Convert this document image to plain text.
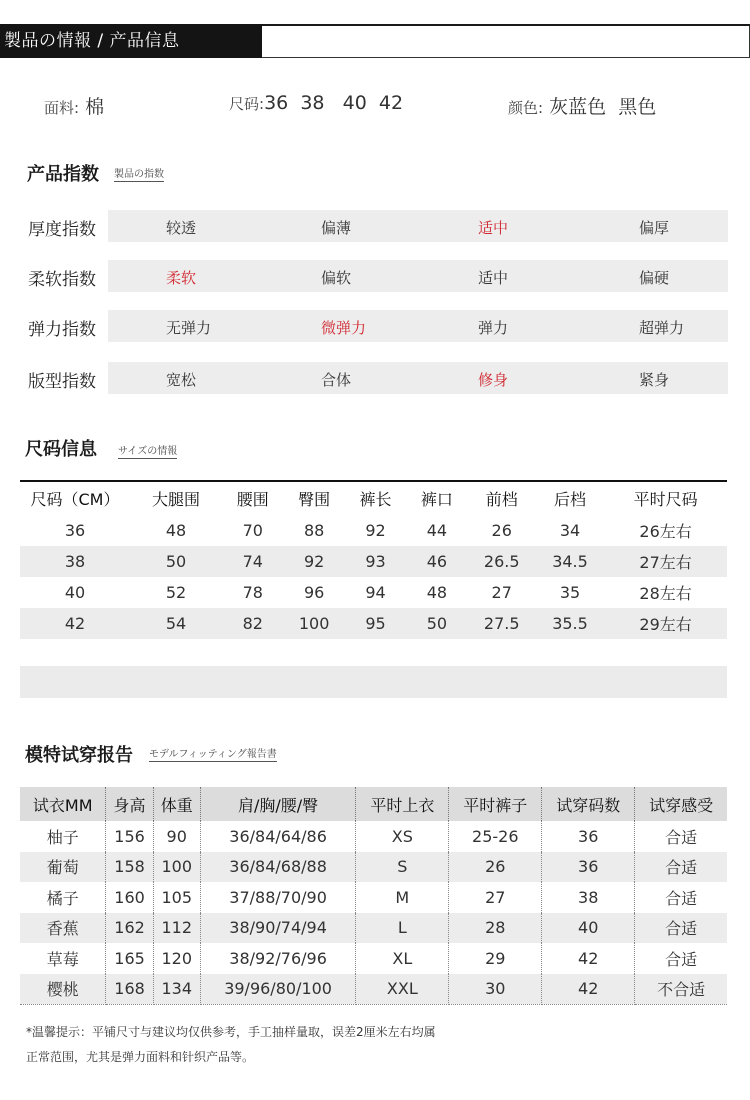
製品の情報 / 产品信息
面料: 棉	尺码:36  38   40  42	颜色: 灰蓝色  黑色
产品指数 製品の指数
厚度指数	较透	偏薄	适中	偏厚
柔软指数	柔软	偏软	适中	偏硬
弹力指数	无弹力	微弹力	弹力	超弹力
版型指数	宽松	合体	修身	紧身
尺码信息 サイズの情報
尺码（CM）	大腿围	腰围	臀围	裤长	裤口	前档	后档	平时尺码
36	48	70	88	92	44	26	34	26左右
38	50	74	92	93	46	26.5	34.5	27左右
40	52	78	96	94	48	27	35	28左右
42	54	82	100	95	50	27.5	35.5	29左右
模特试穿报告 モデルフィッティング報告書
试衣MM	身高	体重	肩/胸/腰/臀	平时上衣	平时裤子	试穿码数	试穿感受
柚子	156	90	36/84/64/86	XS	25-26	36	合适
葡萄	158	100	36/84/68/88	S	26	36	合适
橘子	160	105	37/88/70/90	M	27	38	合适
香蕉	162	112	38/90/74/94	L	28	40	合适
草莓	165	120	38/92/76/96	XL	29	42	合适
樱桃	168	134	39/96/80/100	XXL	30	42	不合适
*温馨提示：平铺尺寸与建议均仅供参考，手工抽样量取，误差2厘米左右均属
正常范围，尤其是弹力面料和针织产品等。
